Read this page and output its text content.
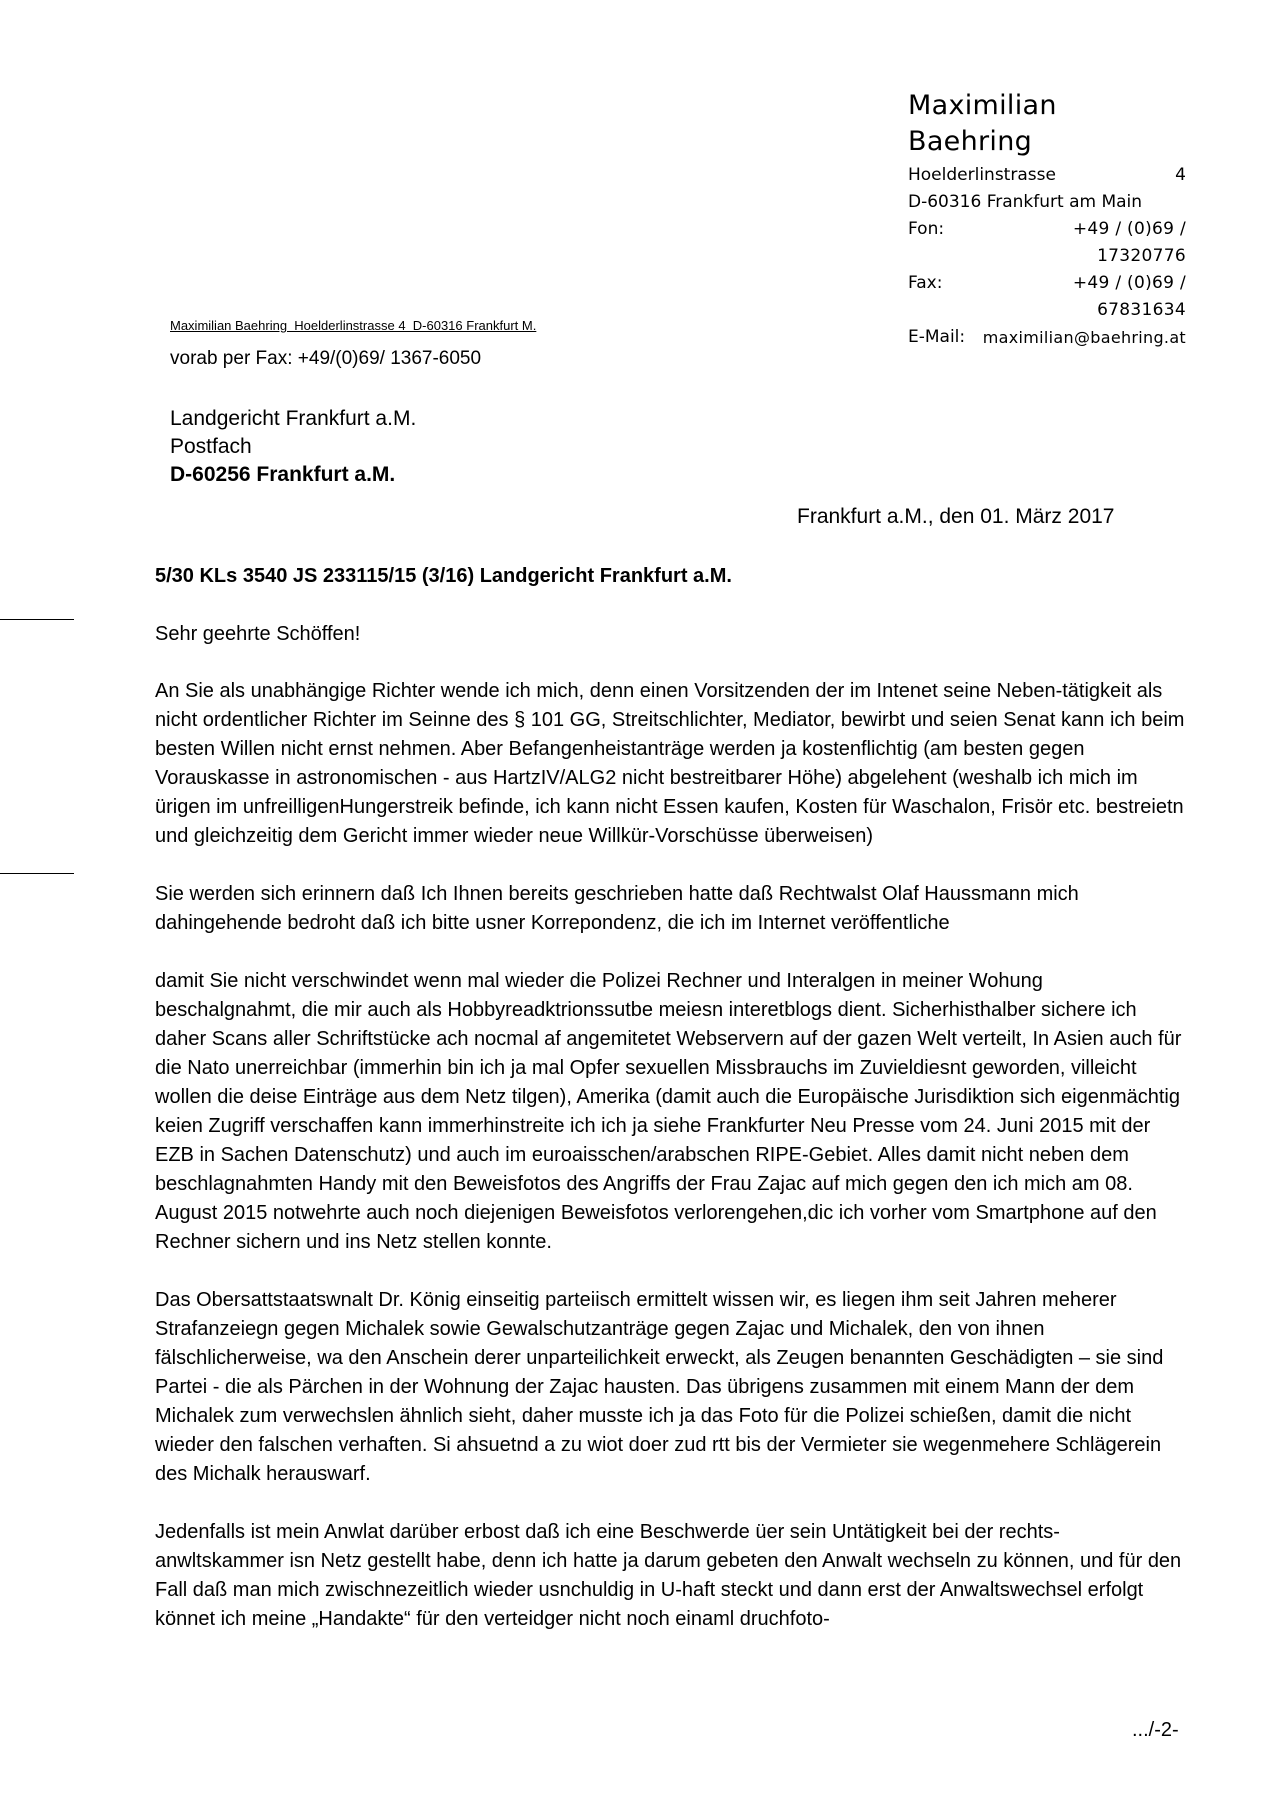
Maximilian Baehring
Hoelderlinstrasse	4
D-60316 Frankfurt am Main
Fon:	+49 / (0)69 / 17320776
Fax:	+49 / (0)69 / 67831634
E-Mail:	maximilian@baehring.at
Maximilian Baehring  Hoelderlinstrasse 4  D-60316 Frankfurt M.
vorab per Fax: +49/(0)69/ 1367-6050
Landgericht Frankfurt a.M.
Postfach
D-60256 Frankfurt a.M.
Frankfurt a.M., den 01. März 2017
5/30 KLs 3540 JS 233115/15 (3/16) Landgericht Frankfurt a.M.

Sehr geehrte Schöffen!

An Sie als unabhängige Richter wende ich mich, denn einen Vorsitzenden der im Intenet seine Neben-tätigkeit als nicht ordentlicher Richter im Seinne des § 101 GG, Streitschlichter, Mediator, bewirbt und seien Senat kann ich beim besten Willen nicht ernst nehmen. Aber Befangenheistanträge werden ja kostenflichtig (am besten gegen Vorauskasse in astronomischen - aus HartzIV/ALG2 nicht bestreitbarer Höhe) abgelehent (weshalb ich mich im ürigen im unfreilligenHungerstreik befinde, ich kann nicht Essen kaufen, Kosten für Waschalon, Frisör etc. bestreietn und gleichzeitig dem Gericht immer wieder neue Willkür-Vorschüsse überweisen)

Sie werden sich erinnern daß Ich Ihnen bereits geschrieben hatte daß Rechtwalst Olaf Haussmann mich dahingehende bedroht daß ich bitte usner Korrepondenz, die ich im Internet veröffentliche

damit Sie nicht verschwindet wenn mal wieder die Polizei Rechner und Interalgen in meiner Wohung beschalgnahmt, die mir auch als Hobbyreadktrionssutbe meiesn interetblogs dient. Sicherhisthalber sichere ich daher Scans aller Schriftstücke ach nocmal af angemitetet Webservern auf der gazen Welt verteilt, In Asien auch für die Nato unerreichbar (immerhin bin ich ja mal Opfer sexuellen Missbrauchs im Zuvieldiesnt geworden, villeicht wollen die deise Einträge aus dem Netz tilgen), Amerika (damit auch die Europäische Jurisdiktion sich eigenmächtig keien Zugriff verschaffen kann immerhinstreite ich ich ja siehe Frankfurter Neu Presse vom 24. Juni 2015 mit der EZB in Sachen Datenschutz) und auch im euroaisschen/arabschen RIPE-Gebiet. Alles damit nicht neben dem beschlagnahmten Handy mit den Beweisfotos des Angriffs der Frau Zajac auf mich gegen den ich mich am 08. August 2015 notwehrte auch noch diejenigen Beweisfotos verlorengehen,dic ich vorher vom Smartphone auf den Rechner sichern und ins Netz stellen konnte.

Das Obersattstaatswnalt Dr. König einseitig parteiisch ermittelt wissen wir, es liegen ihm seit Jahren meherer Strafanzeiegn gegen Michalek sowie Gewalschutzanträge gegen Zajac und Michalek, den von ihnen fälschlicherweise, wa den Anschein derer unparteilichkeit erweckt, als Zeugen benannten Geschädigten – sie sind Partei - die als Pärchen in der Wohnung der Zajac hausten. Das übrigens zusammen mit einem Mann der dem Michalek zum verwechslen ähnlich sieht, daher musste ich ja das Foto für die Polizei schießen, damit die nicht wieder den falschen verhaften. Si ahsuetnd a zu wiot doer zud rtt bis der Vermieter sie wegenmehere Schlägerein des Michalk herauswarf.

Jedenfalls ist mein Anwlat darüber erbost daß ich eine Beschwerde üer sein Untätigkeit bei der rechts-anwltskammer isn Netz gestellt habe, denn ich hatte ja darum gebeten den Anwalt wechseln zu können, und für den Fall daß man mich zwischnezeitlich wieder usnchuldig in U-haft steckt und dann erst der Anwaltswechsel erfolgt könnet ich meine „Handakte“ für den verteidger nicht noch einaml druchfoto-

.../-2-
